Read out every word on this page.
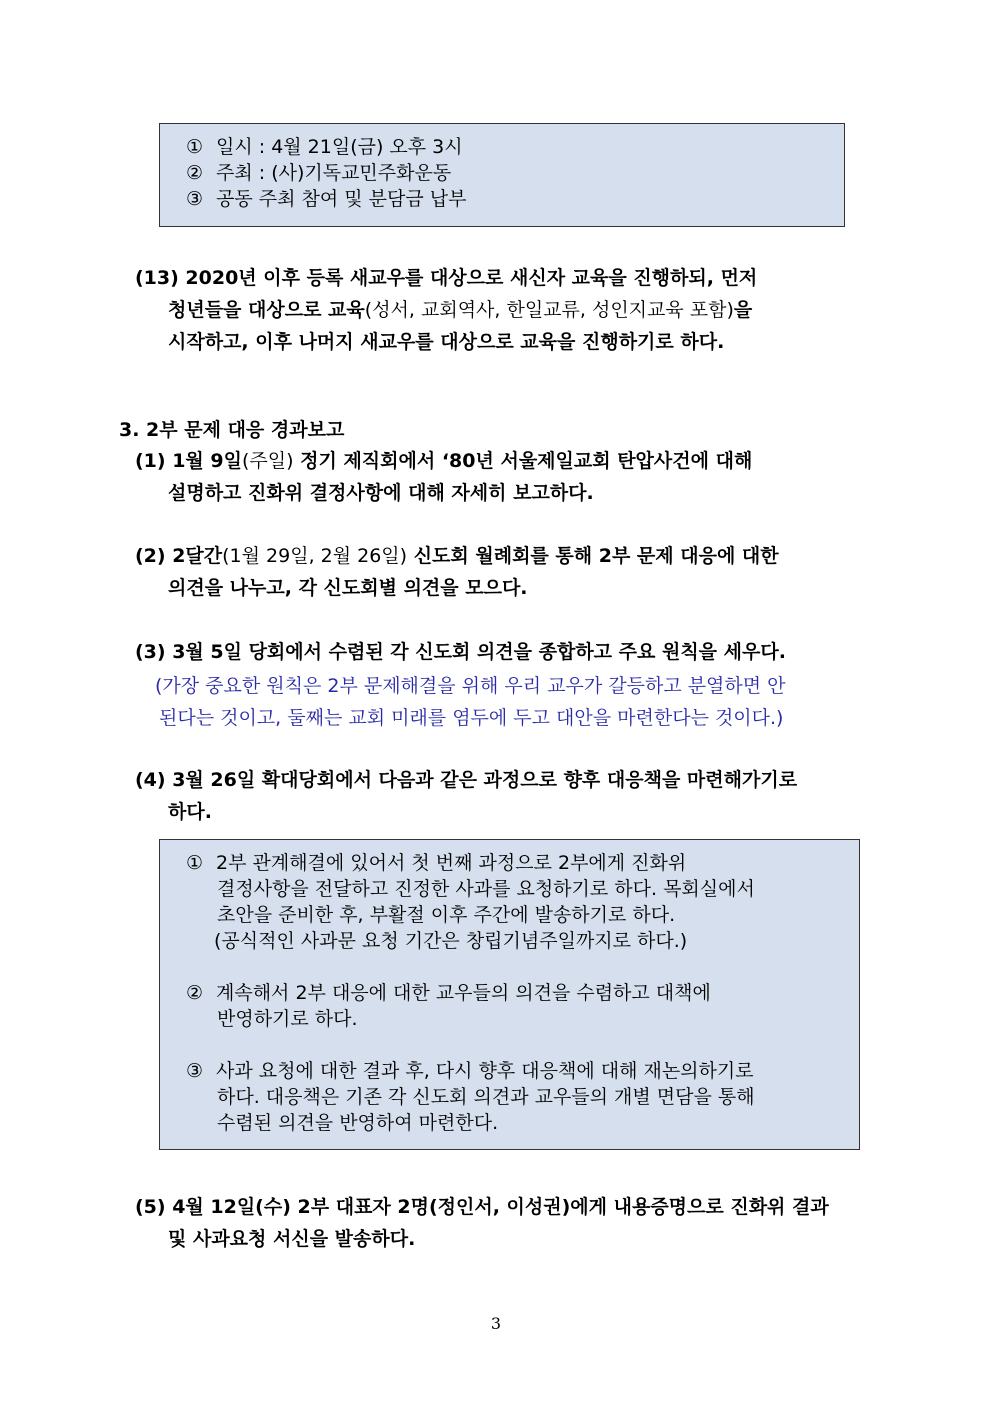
① 일시 : 4월 21일(금) 오후 3시
② 주최 : (사)기독교민주화운동
③ 공동 주최 참여 및 분담금 납부
(13) 2020년 이후 등록 새교우를 대상으로 새신자 교육을 진행하되, 먼저
청년들을 대상으로 교육(성서, 교회역사, 한일교류, 성인지교육 포함)을
시작하고, 이후 나머지 새교우를 대상으로 교육을 진행하기로 하다.
3. 2부 문제 대응 경과보고
(1) 1월 9일(주일) 정기 제직회에서 ‘80년 서울제일교회 탄압사건에 대해
설명하고 진화위 결정사항에 대해 자세히 보고하다.
(2) 2달간(1월 29일, 2월 26일) 신도회 월례회를 통해 2부 문제 대응에 대한
의견을 나누고, 각 신도회별 의견을 모으다.
(3) 3월 5일 당회에서 수렴된 각 신도회 의견을 종합하고 주요 원칙을 세우다.
(가장 중요한 원칙은 2부 문제해결을 위해 우리 교우가 갈등하고 분열하면 안
된다는 것이고, 둘째는 교회 미래를 염두에 두고 대안을 마련한다는 것이다.)
(4) 3월 26일 확대당회에서 다음과 같은 과정으로 향후 대응책을 마련해가기로
하다.
① 2부 관계해결에 있어서 첫 번째 과정으로 2부에게 진화위
결정사항을 전달하고 진정한 사과를 요청하기로 하다. 목회실에서
초안을 준비한 후, 부활절 이후 주간에 발송하기로 하다.
(공식적인 사과문 요청 기간은 창립기념주일까지로 하다.)
② 계속해서 2부 대응에 대한 교우들의 의견을 수렴하고 대책에
반영하기로 하다.
③ 사과 요청에 대한 결과 후, 다시 향후 대응책에 대해 재논의하기로
하다. 대응책은 기존 각 신도회 의견과 교우들의 개별 면담을 통해
수렴된 의견을 반영하여 마련한다.
(5) 4월 12일(수) 2부 대표자 2명(정인서, 이성권)에게 내용증명으로 진화위 결과
및 사과요청 서신을 발송하다.
3
